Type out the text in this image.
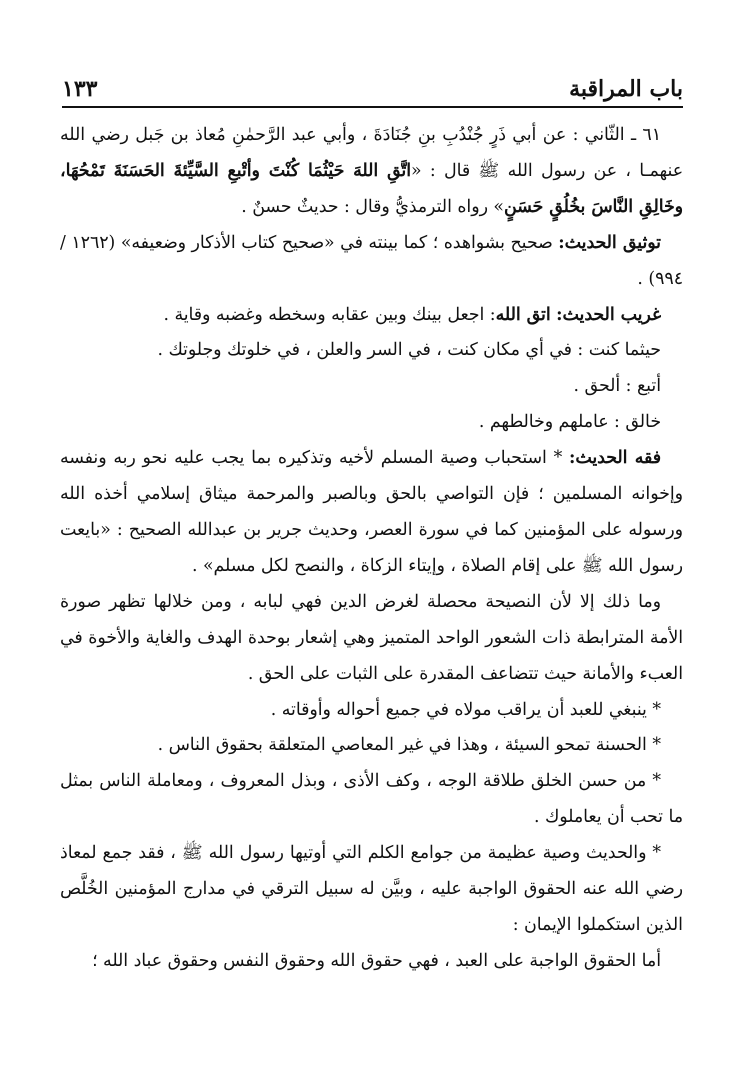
باب المراقبة
١٣٣

٦١ ـ الثّاني : عن أبي ذَرٍ جُنْدُبِ بنِ جُنَادَةَ ، وأبي عبد الرَّحمٰنِ مُعاذ بن جَبل رضي الله عنهمـا ، عن رسول الله ﷺ قال : «اتَّقِ اللهَ حَيْثُمَا كُنْتَ وأتْبعِ السَّيِّئةَ الحَسَنَةَ تَمْحُهَا، وخَالِقِ النَّاسَ بخُلُقٍ حَسَنٍ» رواه الترمذيُّ وقال : حديثٌ حسنٌ .

توثيق الحديث: صحيح بشواهده ؛ كما بينته في «صحيح كتاب الأذكار وضعيفه» (١٢٦٢ / ٩٩٤) .

غريب الحديث: اتق الله: اجعل بينك وبين عقابه وسخطه وغضبه وقاية .

حيثما كنت : في أي مكان كنت ، في السر والعلن ، في خلوتك وجلوتك .

أتبع : ألحق .

خالق : عاملهم وخالطهم .

فقه الحديث: * استحباب وصية المسلم لأخيه وتذكيره بما يجب عليه نحو ربه ونفسه وإخوانه المسلمين ؛ فإن التواصي بالحق وبالصبر والمرحمة ميثاق إسلامي أخذه الله ورسوله على المؤمنين كما في سورة العصر، وحديث جرير بن عبدالله الصحيح : «بايعت رسول الله ﷺ على إقام الصلاة ، وإيتاء الزكاة ، والنصح لكل مسلم» .

وما ذلك إلا لأن النصيحة محصلة لغرض الدين فهي لبابه ، ومن خلالها تظهر صورة الأمة المترابطة ذات الشعور الواحد المتميز وهي إشعار بوحدة الهدف والغاية والأخوة في العبء والأمانة حيث تتضاعف المقدرة على الثبات على الحق .

* ينبغي للعبد أن يراقب مولاه في جميع أحواله وأوقاته .

* الحسنة تمحو السيئة ، وهذا في غير المعاصي المتعلقة بحقوق الناس .

* من حسن الخلق طلاقة الوجه ، وكف الأذى ، وبذل المعروف ، ومعاملة الناس بمثل ما تحب أن يعاملوك .

* والحديث وصية عظيمة من جوامع الكلم التي أوتيها رسول الله ﷺ ، فقد جمع لمعاذ رضي الله عنه الحقوق الواجبة عليه ، وبيَّن له سبيل الترقي في مدارج المؤمنين الخُلَّص الذين استكملوا الإيمان :

أما الحقوق الواجبة على العبد ، فهي حقوق الله وحقوق النفس وحقوق عباد الله ؛
